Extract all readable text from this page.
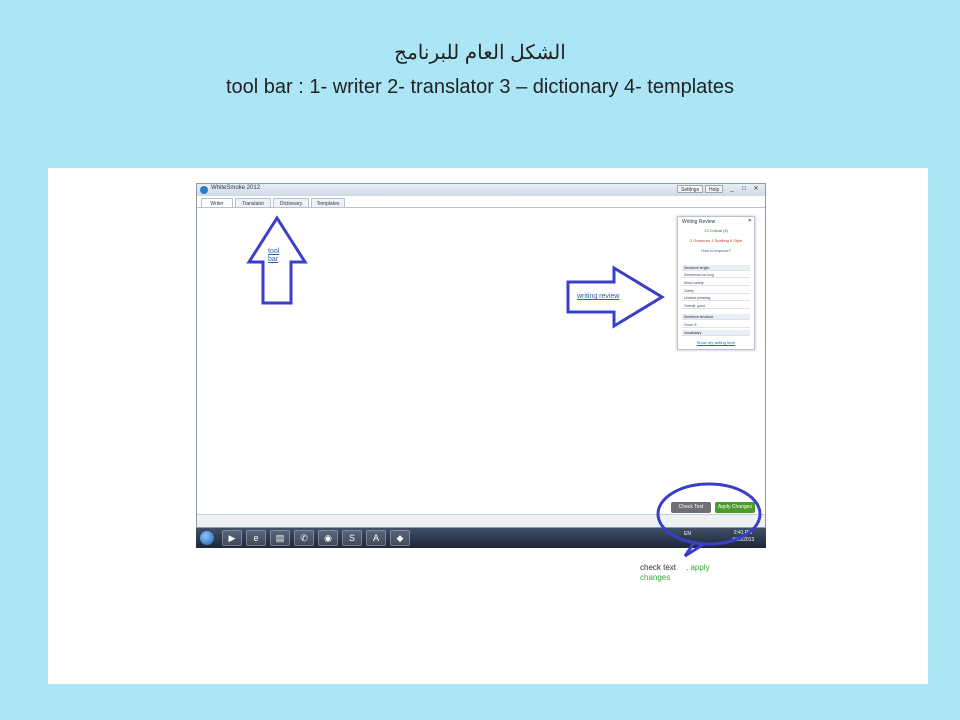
الشكل العام للبرنامج
tool bar : 1- writer 2- translator 3 – dictionary 4- templates
WhiteSmoke 2012	Settings	Help	_	□	✕
Writer	Translator	Dictionary	Templates
Writing Review	✕
13 Critical (4)
3 Grammar 1 Spelling 0 Style
How to improve?
Sentence length
Sentences too long
Word variety
Clarity
Unclear phrasing
Overall: good
Sentence structure
Good: 5
Vocabulary
Show my writing level
Check Text	Apply Changes
▶	e	▤	✆	◉	S	A	◆	EN	2:41 PM
4/20/2013
tool
bar
writing review
check text , apply
changes
